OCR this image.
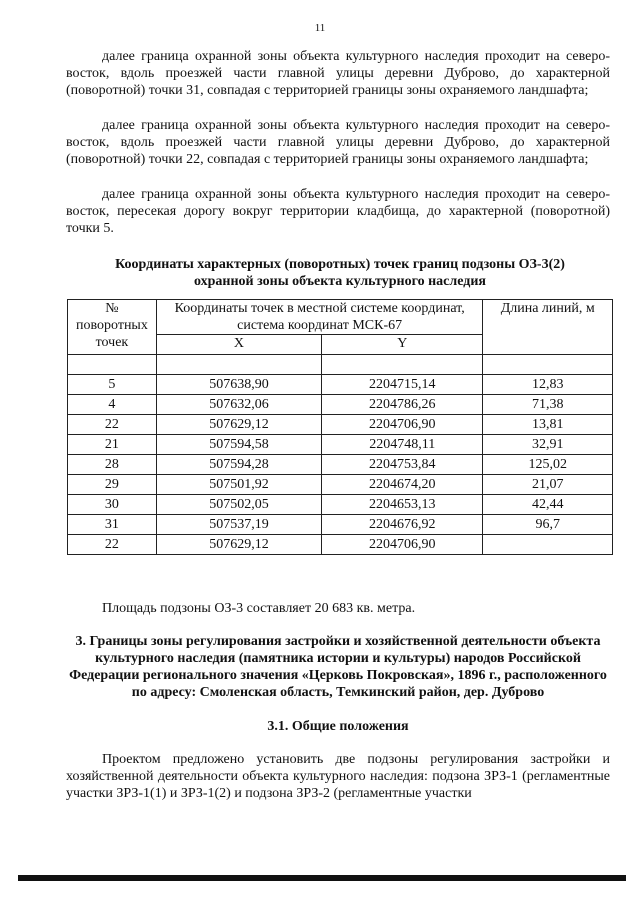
11

далее граница охранной зоны объекта культурного наследия проходит на северо-восток, вдоль проезжей части главной улицы деревни Дуброво, до характерной (поворотной) точки 31, совпадая с территорией границы зоны охраняемого ландшафта;

далее граница охранной зоны объекта культурного наследия проходит на северо-восток, вдоль проезжей части главной улицы деревни Дуброво, до характерной (поворотной) точки 22, совпадая с территорией границы зоны охраняемого ландшафта;

далее граница охранной зоны объекта культурного наследия проходит на северо-восток, пересекая дорогу вокруг территории кладбища, до характерной (поворотной) точки 5.

Координаты характерных (поворотных) точек границ подзоны ОЗ-3(2) охранной зоны объекта культурного наследия

№ поворотных точек	Координаты точек в местной системе координат, система координат МСК-67		Длина линий, м
	X	Y	

5	507638,90	2204715,14	12,83
4	507632,06	2204786,26	71,38
22	507629,12	2204706,90	13,81
21	507594,58	2204748,11	32,91
28	507594,28	2204753,84	125,02
29	507501,92	2204674,20	21,07
30	507502,05	2204653,13	42,44
31	507537,19	2204676,92	96,7
22	507629,12	2204706,90	

Площадь подзоны ОЗ-3 составляет 20 683 кв. метра.

3. Границы зоны регулирования застройки и хозяйственной деятельности объекта культурного наследия (памятника истории и культуры) народов Российской Федерации регионального значения «Церковь Покровская», 1896 г., расположенного по адресу: Смоленская область, Темкинский район, дер. Дуброво

3.1. Общие положения

Проектом предложено установить две подзоны регулирования застройки и хозяйственной деятельности объекта культурного наследия: подзона ЗРЗ-1 (регламентные участки ЗРЗ-1(1) и ЗРЗ-1(2) и подзона ЗРЗ-2 (регламентные участки
